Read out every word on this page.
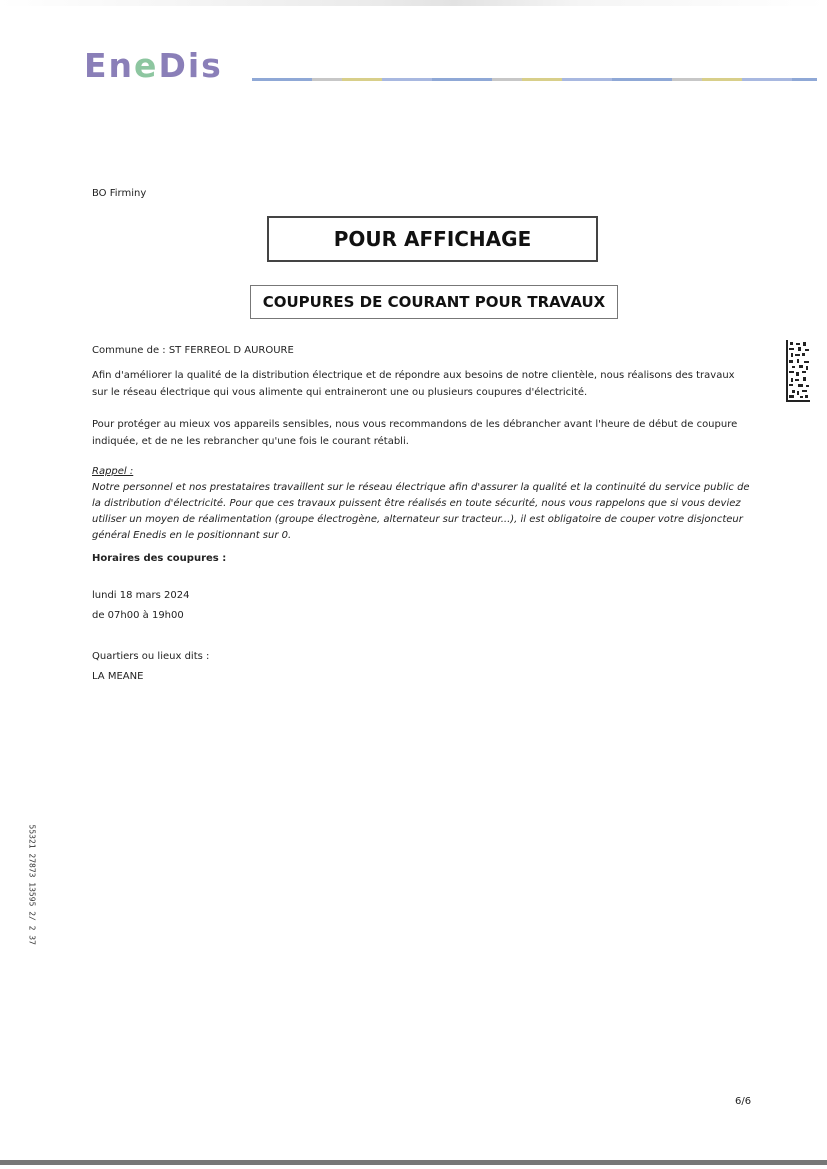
EneDis
BO Firminy
POUR AFFICHAGE
COUPURES DE COURANT POUR TRAVAUX
Commune de : ST FERREOL D AUROURE
Afin d'améliorer la qualité de la distribution électrique et de répondre aux besoins de notre clientèle, nous réalisons des travaux sur le réseau électrique qui vous alimente qui entraineront une ou plusieurs coupures d'électricité.
Pour protéger au mieux vos appareils sensibles, nous vous recommandons de les débrancher avant l'heure de début de coupure indiquée, et de ne les rebrancher qu'une fois le courant rétabli.
Rappel :
Notre personnel et nos prestataires travaillent sur le réseau électrique afin d'assurer la qualité et la continuité du service public de la distribution d'électricité. Pour que ces travaux puissent être réalisés en toute sécurité, nous vous rappelons que si vous deviez utiliser un moyen de réalimentation (groupe électrogène, alternateur sur tracteur...), il est obligatoire de couper votre disjoncteur général Enedis en le positionnant sur 0.
Horaires des coupures :
lundi 18 mars 2024
de 07h00 à 19h00
Quartiers ou lieux dits :
LA MEANE
55321 27873 13595 2/ 2 37
6/6
